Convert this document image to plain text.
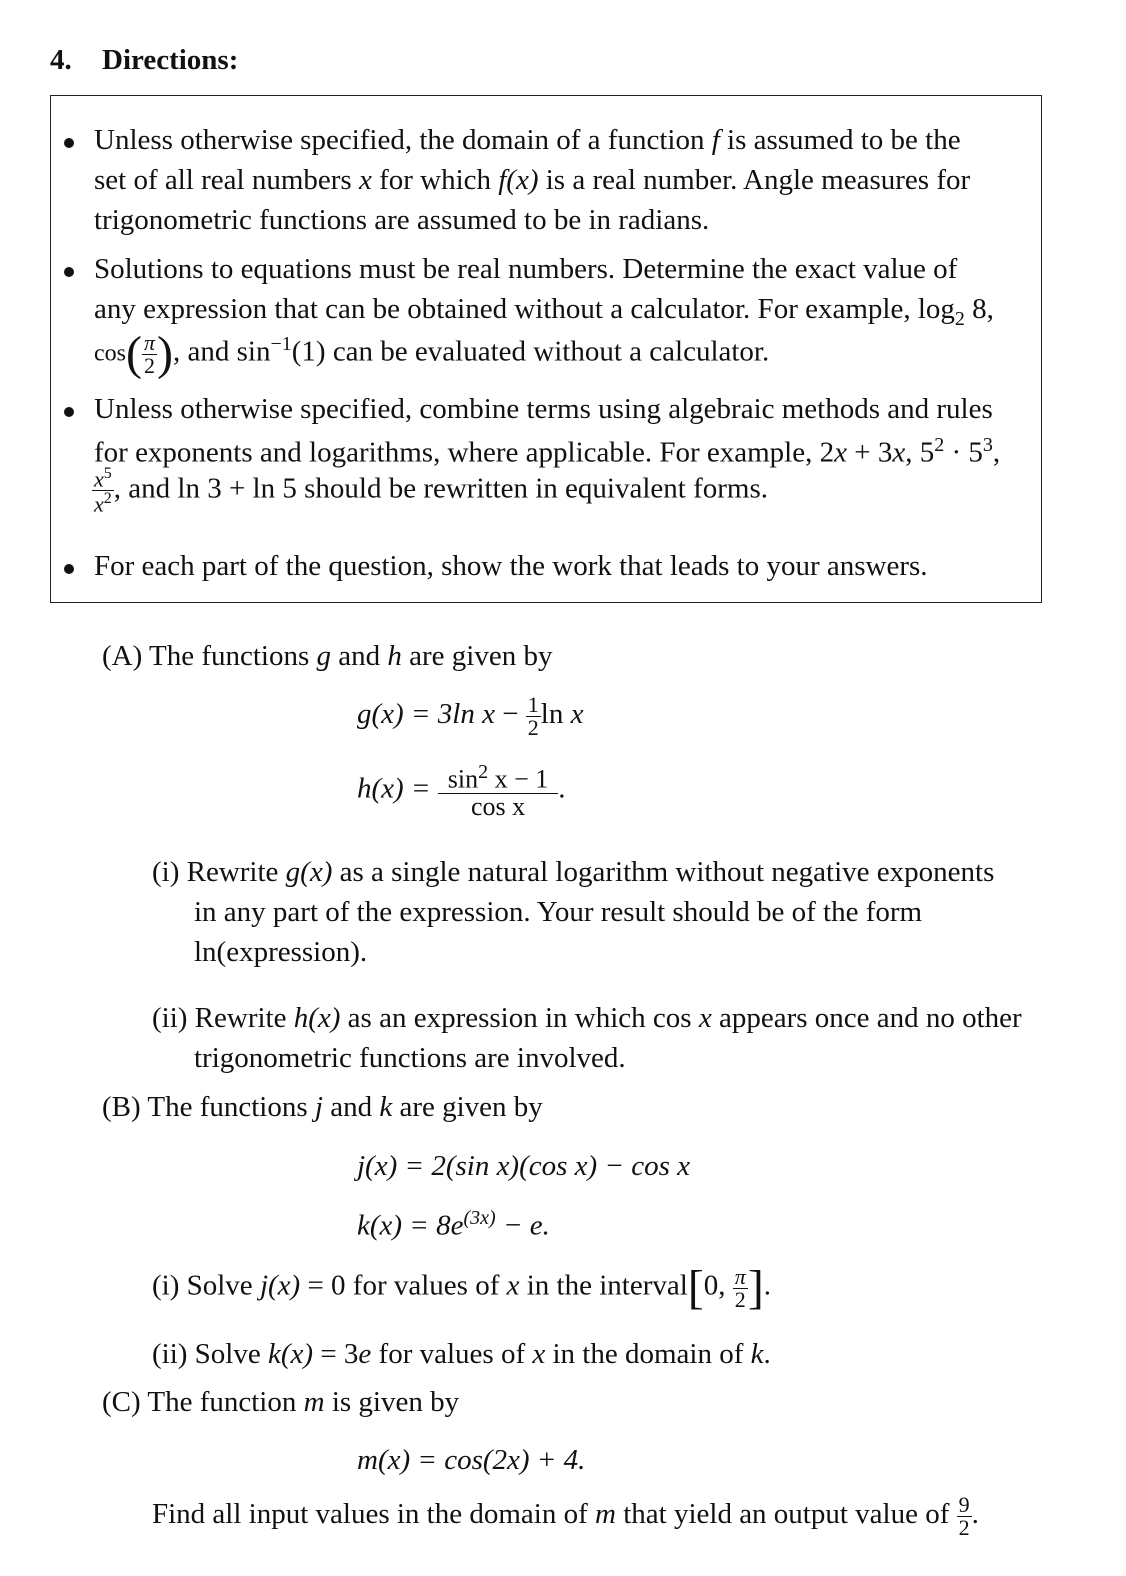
4. Directions:
Unless otherwise specified, the domain of a function f is assumed to be the
set of all real numbers x for which f(x) is a real number. Angle measures for
trigonometric functions are assumed to be in radians.
Solutions to equations must be real numbers. Determine the exact value of
any expression that can be obtained without a calculator. For example, $\log_2 8$,
$\cos( \frac{\pi}{2}$ ), and $\sin^{-1}(1)$ can be evaluated without a calculator.
Unless otherwise specified, combine terms using algebraic methods and rules
for exponents and logarithms, where applicable. For example, 2x + 3x, $5^2 \cdot 5^3$,
$\frac{x^5}{x^2}$ , and ln 3 + ln 5 should be rewritten in equivalent forms.
For each part of the question, show the work that leads to your answers.
(A) The functions g and h are given by
g(x) = 3ln $x - \frac{1}{2}$ ln x
$h(x) = \frac{\sin^2 x - 1}{\text{cos x}}$ .
(i) Rewrite g(x) as a single natural logarithm without negative exponents
in any part of the expression. Your result should be of the form
ln(expression).
(ii) Rewrite h(x) as an expression in which cos x appears once and no other
trigonometric functions are involved.
(B) The functions j and k are given by
j(x) = 2(sin x)(cos x) − cos x
$k(x) = 8e^{(3x)} - e$.
(i) Solve j(x) = 0 for values of x in the interval[0, $\frac{\pi}{2}$ ].
(ii) Solve k(x) = 3e for values of x in the domain of k.
(C) The function m is given by
m(x) = cos(2x) + 4.
Find all input values in the domain of m that yield an output value of $\frac{9}{2}$ .
